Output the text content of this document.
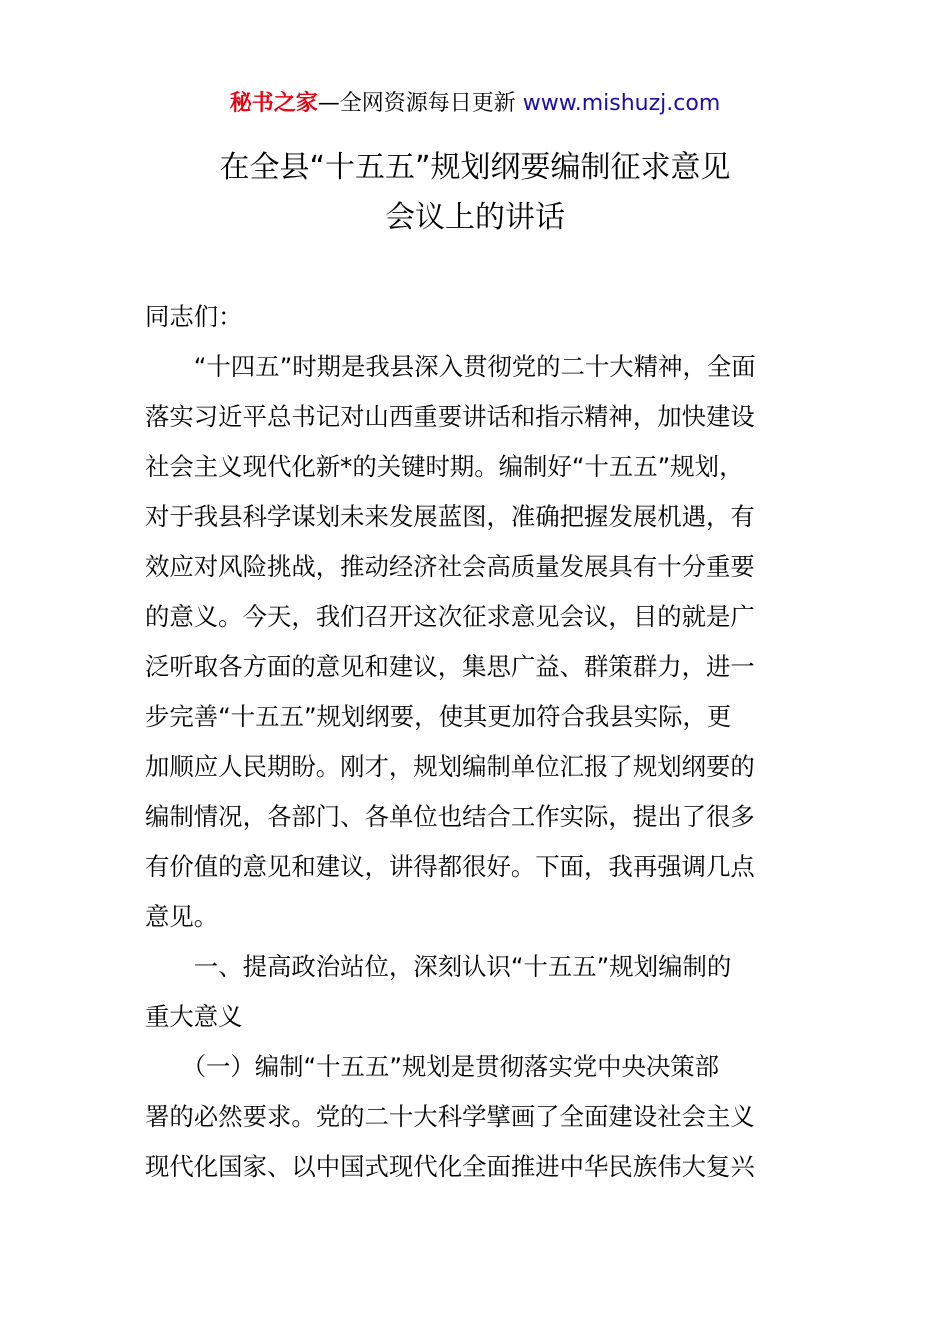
秘书之家—全网资源每日更新 www.mishuzj.com
在全县“十五五”规划纲要编制征求意见
会议上的讲话
同志们：
　　“十四五”时期是我县深入贯彻党的二十大精神，全面
落实习近平总书记对山西重要讲话和指示精神，加快建设
社会主义现代化新*的关键时期。编制好“十五五”规划，
对于我县科学谋划未来发展蓝图，准确把握发展机遇，有
效应对风险挑战，推动经济社会高质量发展具有十分重要
的意义。今天，我们召开这次征求意见会议，目的就是广
泛听取各方面的意见和建议，集思广益、群策群力，进一
步完善“十五五”规划纲要，使其更加符合我县实际，更
加顺应人民期盼。刚才，规划编制单位汇报了规划纲要的
编制情况，各部门、各单位也结合工作实际，提出了很多
有价值的意见和建议，讲得都很好。下面，我再强调几点
意见。
　　一、提高政治站位，深刻认识“十五五”规划编制的
重大意义
　　（一）编制“十五五”规划是贯彻落实党中央决策部
署的必然要求。党的二十大科学擘画了全面建设社会主义
现代化国家、以中国式现代化全面推进中华民族伟大复兴
